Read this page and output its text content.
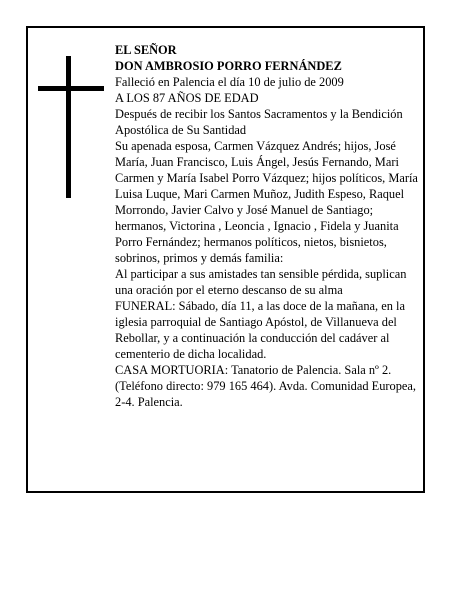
EL SEÑOR

DON AMBROSIO PORRO FERNÁNDEZ

Falleció en Palencia el día 10 de julio de 2009

A LOS 87 AÑOS DE EDAD

Después de recibir los Santos Sacramentos y la Bendición Apostólica de Su Santidad

Su apenada esposa, Carmen Vázquez Andrés; hijos, José María, Juan Francisco, Luis Ángel, Jesús Fernando, Mari Carmen y María Isabel Porro Vázquez; hijos políticos, María Luisa Luque, Mari Carmen Muñoz, Judith Espeso, Raquel Morrondo, Javier Calvo y José Manuel de Santiago; hermanos, Victorina , Leoncia , Ignacio , Fidela y Juanita Porro Fernández; hermanos políticos, nietos, bisnietos, sobrinos, primos y demás familia:

Al participar a sus amistades tan sensible pérdida, suplican una oración por el eterno descanso de su alma

FUNERAL: Sábado, día 11, a las doce de la mañana, en la iglesia parroquial de Santiago Apóstol, de Villanueva del Rebollar, y a continuación la conducción del cadáver al cementerio de dicha localidad.

CASA MORTUORIA: Tanatorio de Palencia. Sala nº 2. (Teléfono directo: 979 165 464). Avda. Comunidad Europea, 2-4. Palencia.
